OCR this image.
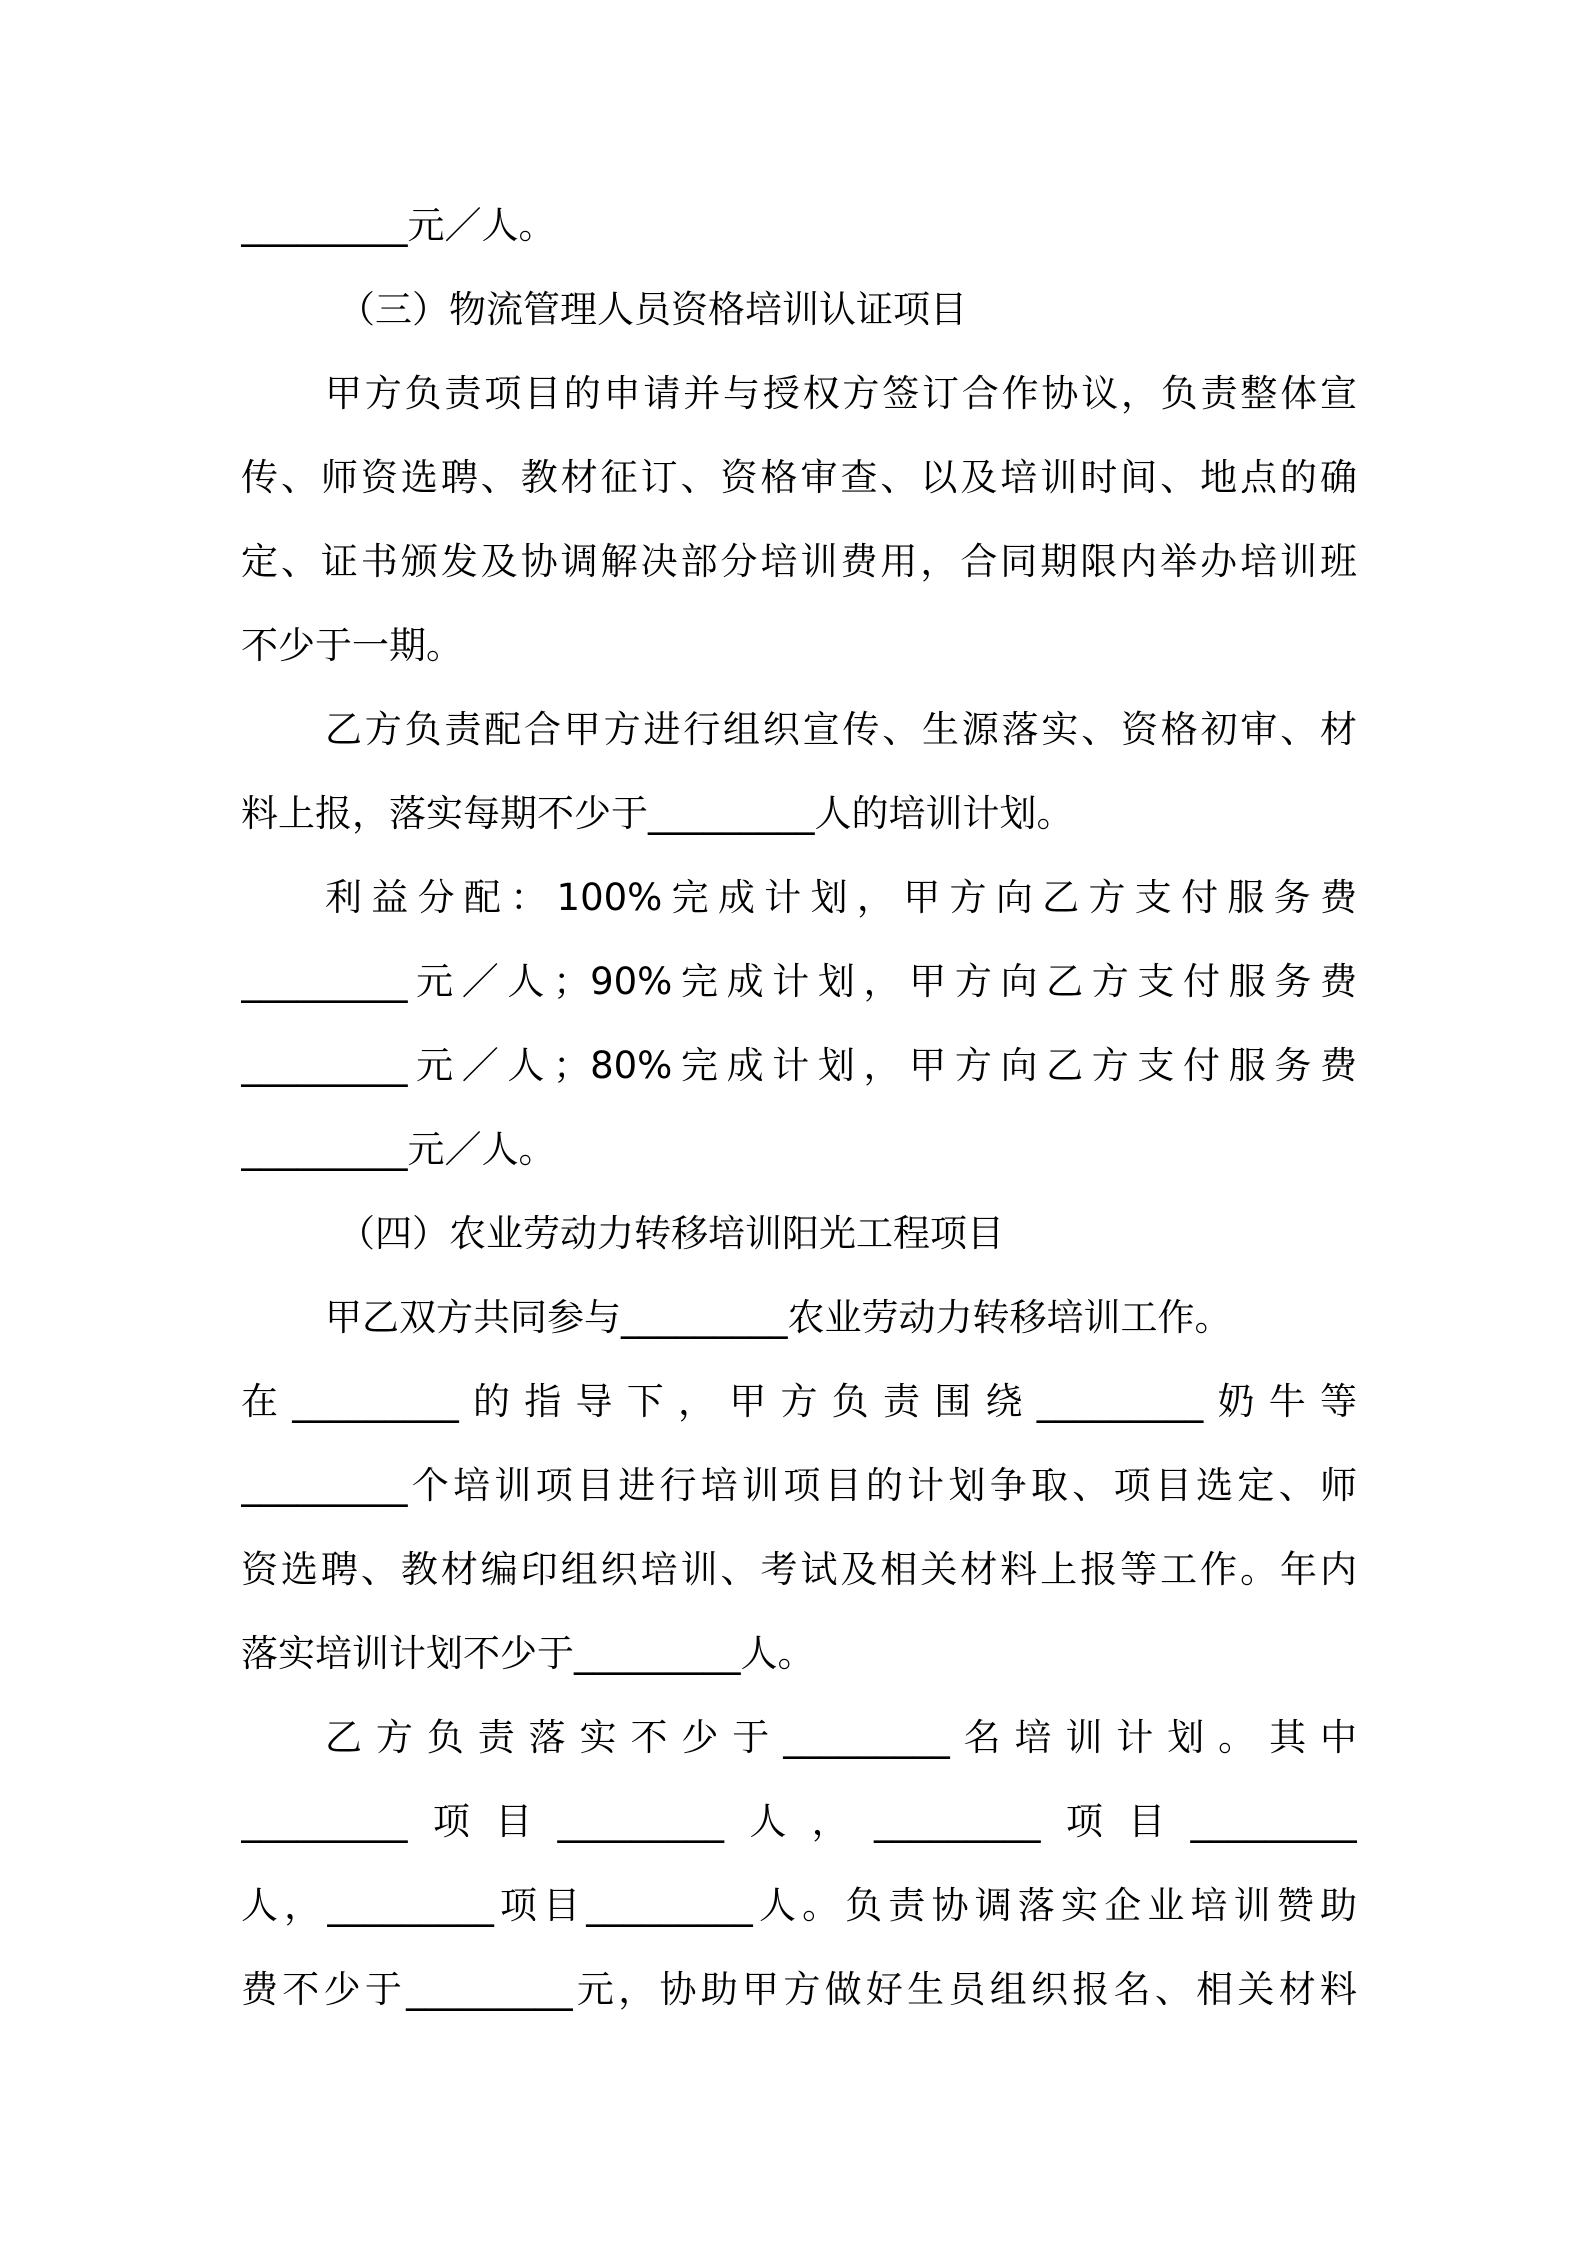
_________元／人。
（三）物流管理人员资格培训认证项目
甲方负责项目的申请并与授权方签订合作协议，负责整体宣
传、师资选聘、教材征订、资格审查、以及培训时间、地点的确
定、证书颁发及协调解决部分培训费用，合同期限内举办培训班
不少于一期。
乙方负责配合甲方进行组织宣传、生源落实、资格初审、材
料上报，落实每期不少于_________人的培训计划。
利益分配：100%完成计划，甲方向乙方支付服务费
_________元／人；90%完成计划，甲方向乙方支付服务费
_________元／人；80%完成计划，甲方向乙方支付服务费
_________元／人。
（四）农业劳动力转移培训阳光工程项目
甲乙双方共同参与_________农业劳动力转移培训工作。
在_________的指导下，甲方负责围绕_________奶牛等
_________个培训项目进行培训项目的计划争取、项目选定、师
资选聘、教材编印组织培训、考试及相关材料上报等工作。年内
落实培训计划不少于_________人。
乙方负责落实不少于_________名培训计划。其中
_________项目_________人，_________项目_________
人，_________项目_________人。负责协调落实企业培训赞助
费不少于_________元，协助甲方做好生员组织报名、相关材料
